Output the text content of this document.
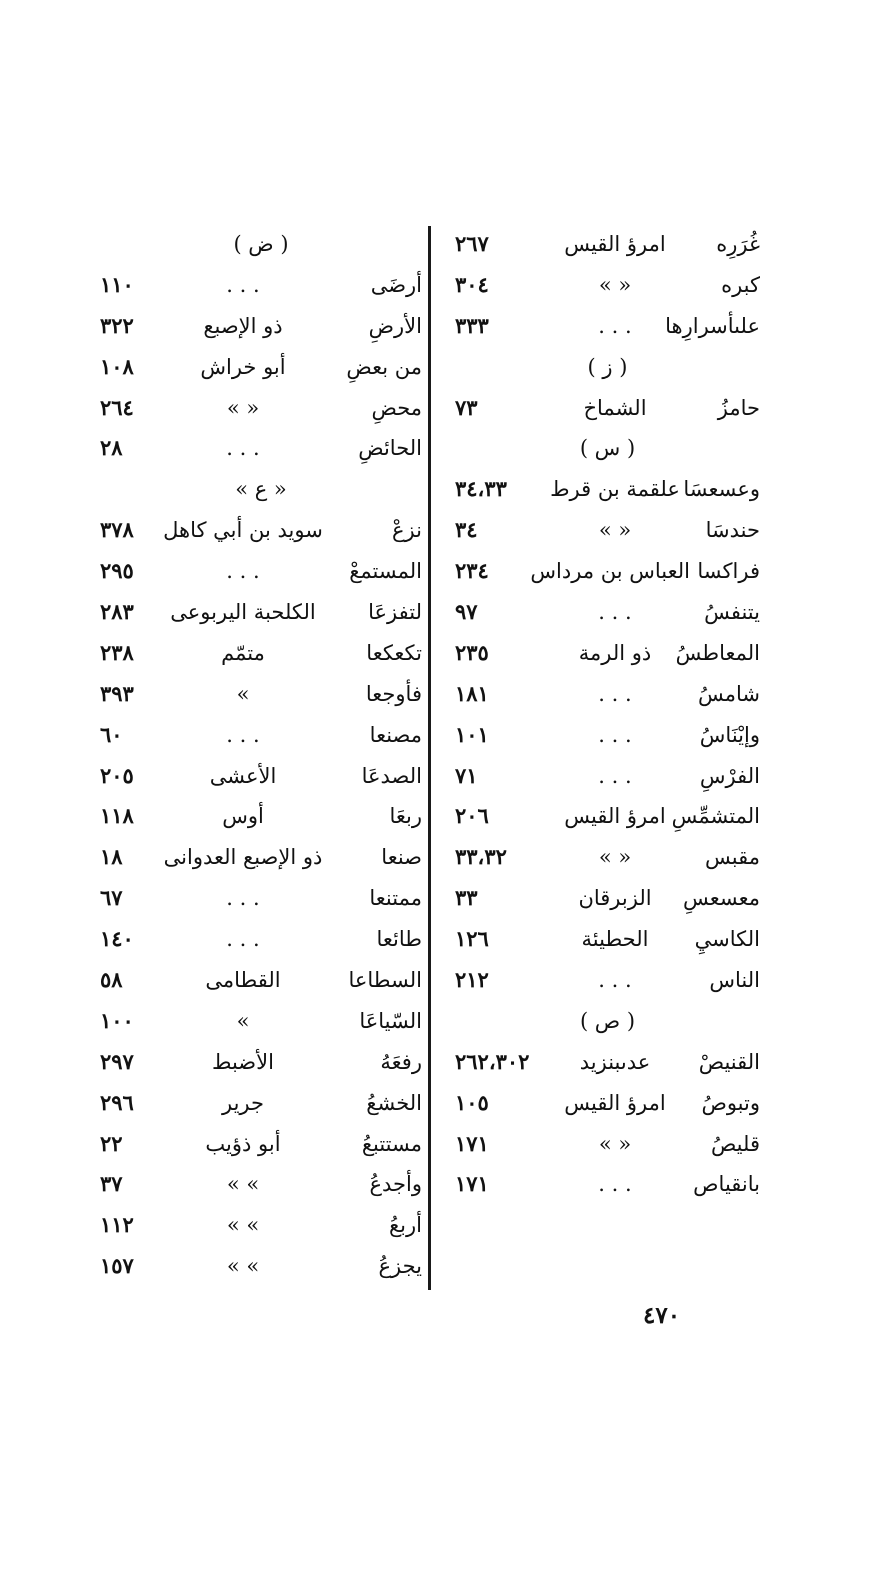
غُرَرِه
امرؤ القيس
٢٦٧
كبره
« »
٣٠٤
علىأسرارِها
. . .
٣٣٣
( ز )
حامزُ
الشماخ
٧٣
( س )
وعسعسَا
علقمة بن قرط
٣٤،٣٣
حندسَا
« »
٣٤
فراكسا
العباس بن مرداس
٢٣٤
يتنفسُ
. . .
٩٧
المعاطسُ
ذو الرمة
٢٣٥
شامسُ
. . .
١٨١
وإيْنَاسُ
. . .
١٠١
الفرْسِ
. . .
٧١
المتشمِّسِ
امرؤ القيس
٢٠٦
مقبس
« »
٣٣،٣٢
معسعسِ
الزبرقان
٣٣
الكاسيِ
الحطيئة
١٢٦
الناس
. . .
٢١٢
( ص )
القنيصْ
عدىبنزيد
٢٦٢،٣٠٢
وتبوصُ
امرؤ القيس
١٠٥
قليصُ
« »
١٧١
بانقياص
. . .
١٧١
( ض )
أرضَى
. . .
١١٠
الأرضِ
ذو الإصبع
٣٢٢
من بعضِ
أبو خراش
١٠٨
محضِ
« »
٢٦٤
الحائضِ
. . .
٢٨
« ع »
نزعْ
سويد بن أبي كاهل
٣٧٨
المستمعْ
. . .
٢٩٥
لتفزعَا
الكلحبة اليربوعى
٢٨٣
تكعكعا
متمّم
٢٣٨
فأوجعا
»
٣٩٣
مصنعا
. . .
٦٠
الصدعَا
الأعشى
٢٠٥
ربعَا
أوس
١١٨
صنعا
ذو الإصبع العدوانى
١٨
ممتنعا
. . .
٦٧
طائعا
. . .
١٤٠
السطاعا
القطامى
٥٨
السّياعَا
»
١٠٠
رفعَهُ
الأضبط
٢٩٧
الخشعُ
جرير
٢٩٦
مستتبعُ
أبو ذؤيب
٢٢
وأجدعُ
» »
٣٧
أربعُ
» »
١١٢
يجزعُ
» »
١٥٧
٤٧٠
